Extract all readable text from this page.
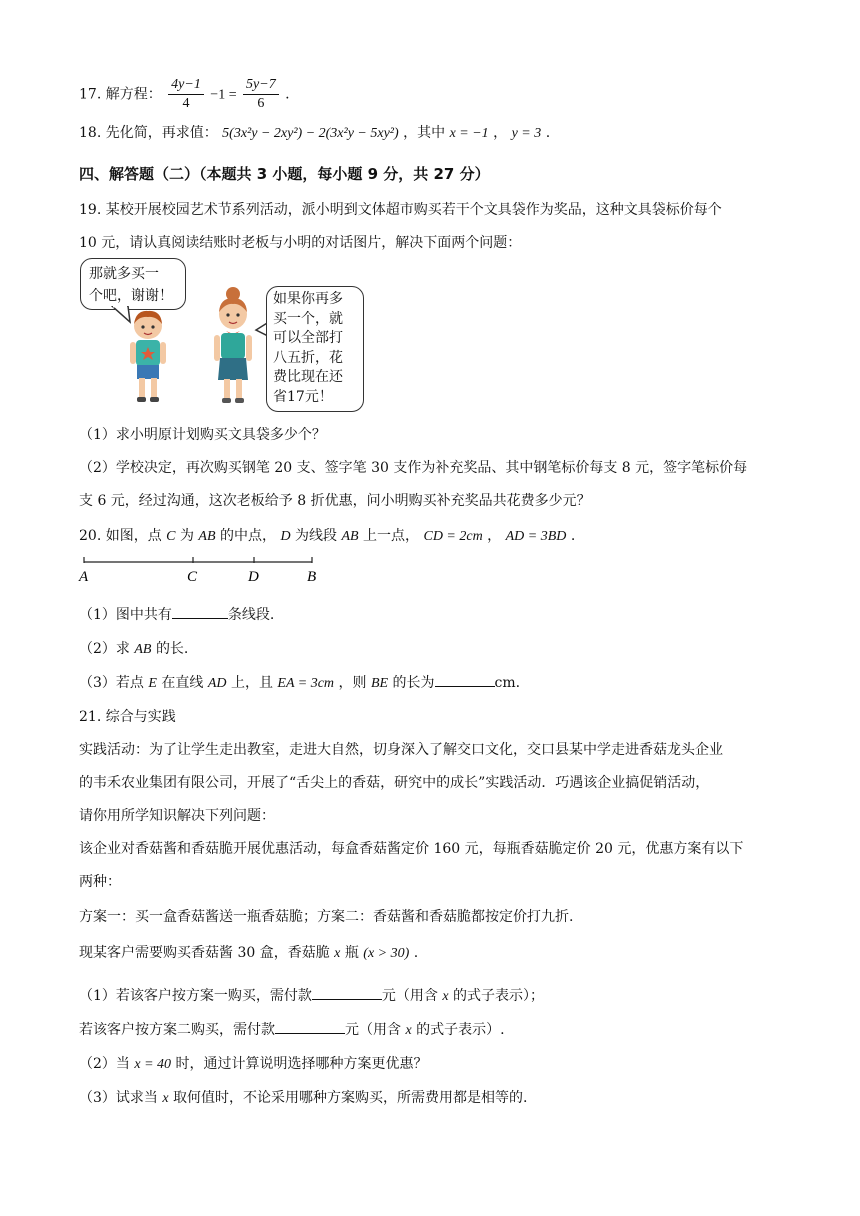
17. 解方程： $\frac{4y-1}{4} -1 = \frac{5y-7}{6}$ .
18. 先化简，再求值： 5(3x²y − 2xy²) − 2(3x²y − 5xy²) ，其中 x = −1 ， y = 3 .
四、解答题（二）（本题共 3 小题，每小题 9 分，共 27 分）
19. 某校开展校园艺术节系列活动，派小明到文体超市购买若干个文具袋作为奖品，这种文具袋标价每个
10 元，请认真阅读结账时老板与小明的对话图片，解决下面两个问题：
那就多买一
个吧，谢谢！	如果你再多
买一个，就
可以全部打
八五折，花
费比现在还
省17元！
（1）求小明原计划购买文具袋多少个？
（2）学校决定，再次购买钢笔 20 支、签字笔 30 支作为补充奖品、其中钢笔标价每支 8 元，签字笔标价每
支 6 元，经过沟通，这次老板给予 8 折优惠，问小明购买补充奖品共花费多少元？
20. 如图，点 C 为 AB 的中点， D 为线段 AB 上一点， CD = 2cm ， AD = 3BD .
A	C	D	B
（1）图中共有	条线段.
（2）求 AB 的长.
（3）若点 E 在直线 AD 上，且 EA = 3cm ，则 BE 的长为	cm.
21. 综合与实践
实践活动：为了让学生走出教室，走进大自然，切身深入了解交口文化，交口县某中学走进香菇龙头企业
的韦禾农业集团有限公司，开展了“舌尖上的香菇，研究中的成长”实践活动．巧遇该企业搞促销活动，
请你用所学知识解决下列问题：
该企业对香菇酱和香菇脆开展优惠活动，每盒香菇酱定价 160 元，每瓶香菇脆定价 20 元，优惠方案有以下
两种：
方案一：买一盒香菇酱送一瓶香菇脆；方案二：香菇酱和香菇脆都按定价打九折.
现某客户需要购买香菇酱 30 盒，香菇脆 x 瓶 (x > 30) .
（1）若该客户按方案一购买，需付款	元（用含 x 的式子表示）；
若该客户按方案二购买，需付款	元（用含 x 的式子表示）.
（2）当 x = 40 时，通过计算说明选择哪种方案更优惠？
（3）试求当 x 取何值时，不论采用哪种方案购买，所需费用都是相等的.
